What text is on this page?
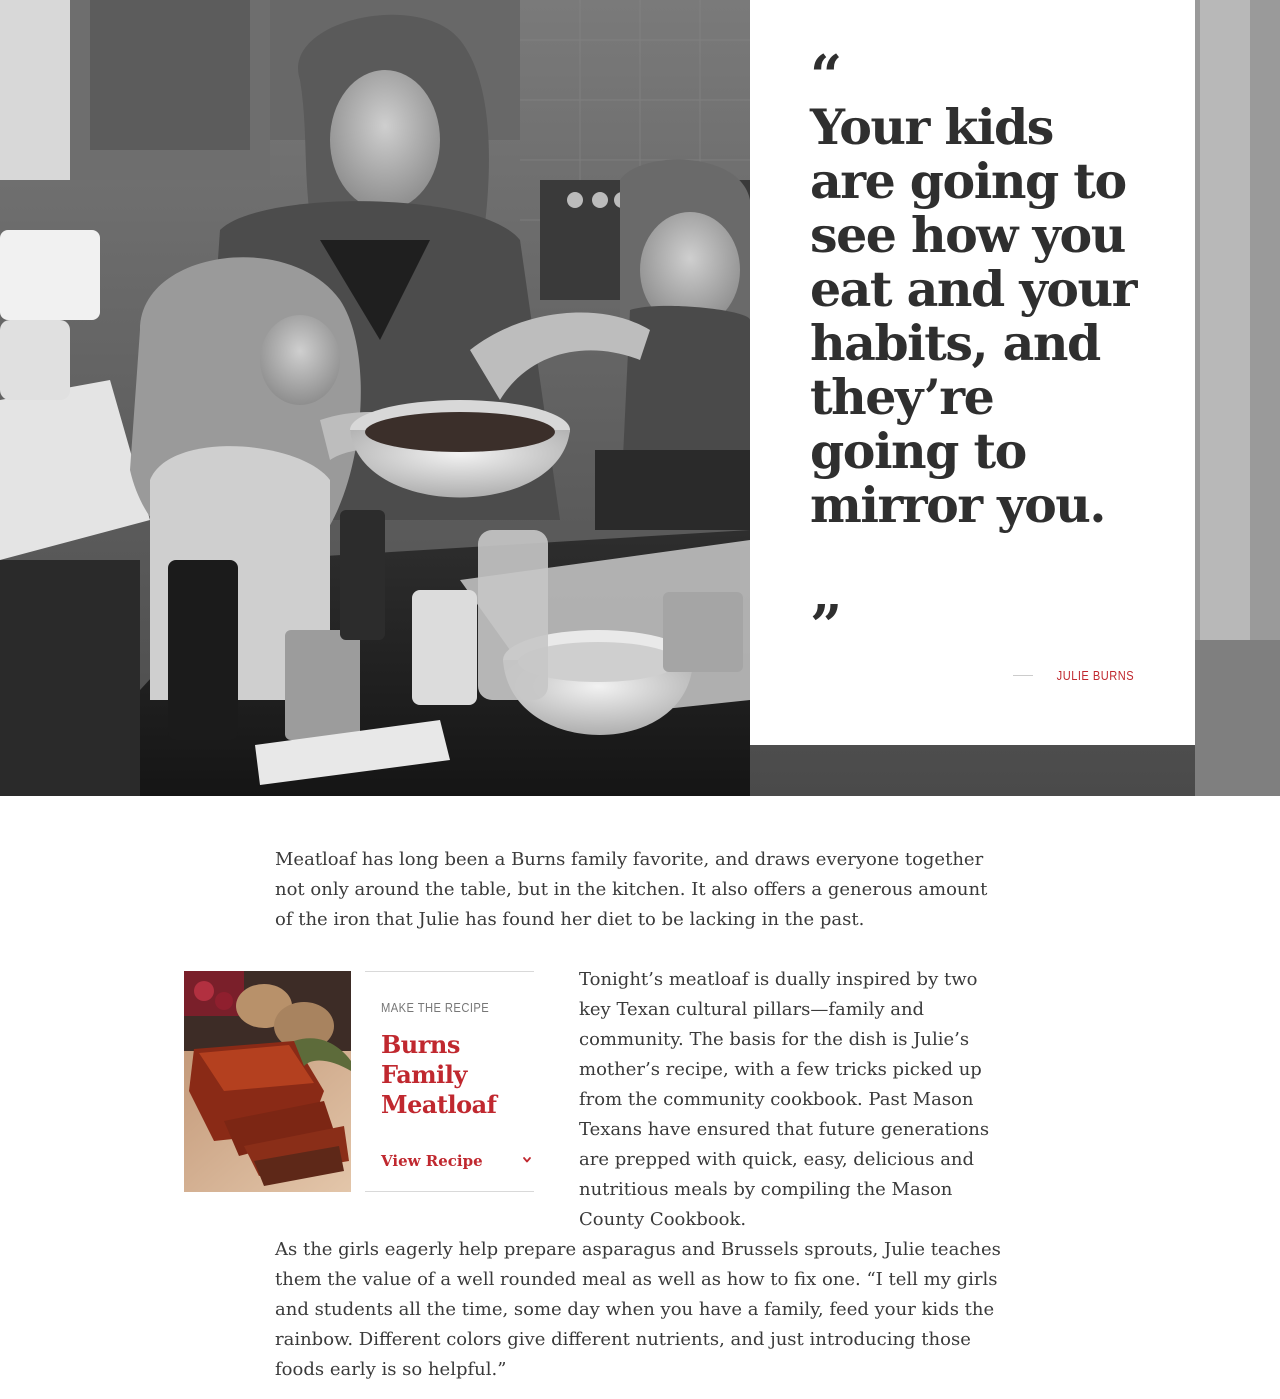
“
Your kids are going to see how you eat and your habits, and they’re going to mirror you.
”
JULIE BURNS

Meatloaf has long been a Burns family favorite, and draws everyone together not only around the table, but in the kitchen. It also offers a generous amount of the iron that Julie has found her diet to be lacking in the past.

MAKE THE RECIPE
Burns Family Meatloaf
View Recipe

Tonight’s meatloaf is dually inspired by two key Texan cultural pillars—family and community. The basis for the dish is Julie’s mother’s recipe, with a few tricks picked up from the community cookbook. Past Mason Texans have ensured that future generations are prepped with quick, easy, delicious and nutritious meals by compiling the Mason County Cookbook.

As the girls eagerly help prepare asparagus and Brussels sprouts, Julie teaches them the value of a well rounded meal as well as how to fix one. “I tell my girls and students all the time, some day when you have a family, feed your kids the rainbow. Different colors give different nutrients, and just introducing those foods early is so helpful.”
